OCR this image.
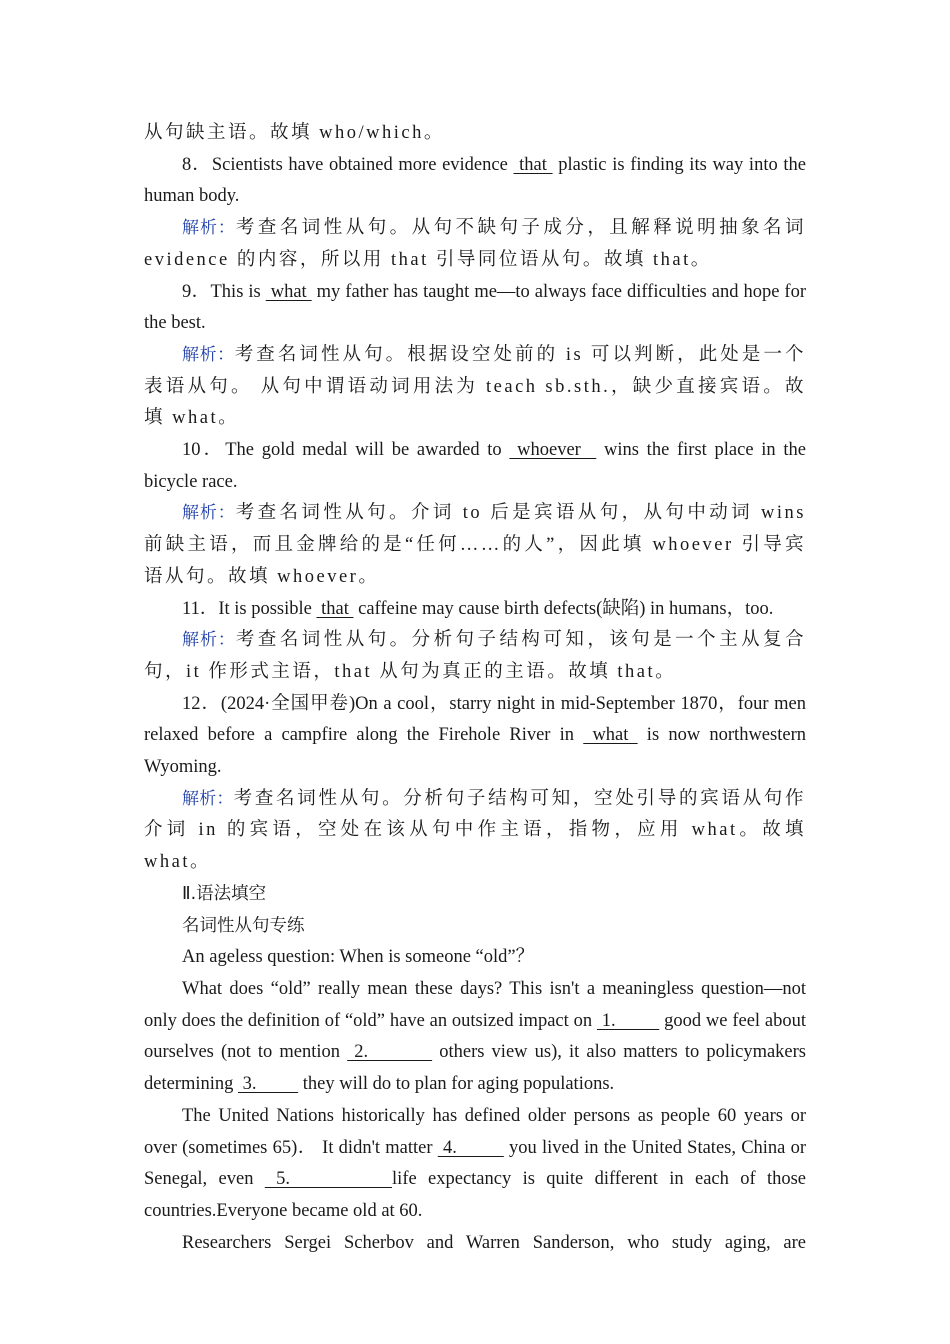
从句缺主语。故填 who/which。

8．Scientists have obtained more evidence  that  plastic is finding its way into the human body.

解析：考查名词性从句。从句不缺句子成分，且解释说明抽象名词 evidence 的内容，所以用 that 引导同位语从句。故填 that。

9．This is  what  my father has taught me—to always face difficulties and hope for the best.

解析：考查名词性从句。根据设空处前的 is 可以判断，此处是一个表语从句。 从句中谓语动词用法为 teach sb.sth.，缺少直接宾语。故填 what。

10．The gold medal will be awarded to  whoever   wins the first place in the bicycle race.

解析：考查名词性从句。介词 to 后是宾语从句，从句中动词 wins 前缺主语，而且金牌给的是“任何……的人”，因此填 whoever 引导宾语从句。故填 whoever。

11．It is possible  that  caffeine may cause birth defects(缺陷) in humans，too.

解析：考查名词性从句。分析句子结构可知，该句是一个主从复合句，it 作形式主语，that 从句为真正的主语。故填 that。

12．(2024·全国甲卷)On a cool，starry night in mid-September 1870，four men relaxed before a campfire along the Firehole River in  what  is now northwestern Wyoming.

解析：考查名词性从句。分析句子结构可知，空处引导的宾语从句作介词 in 的宾语，空处在该从句中作主语，指物，应用 what。故填 what。

Ⅱ.语法填空

名词性从句专练

An ageless question: When is someone “old”？

What does “old” really mean these days? This isn't a meaningless question—not only does the definition of “old” have an outsized impact on  1.          good we feel about ourselves (not to mention  2.          others view us), it also matters to policymakers determining  3.          they will do to plan for aging populations.

The United Nations historically has defined older persons as people 60 years or over (sometimes 65)． It didn't matter  4.          you lived in the United States, China or Senegal, even  5.         life expectancy is quite different in each of those countries.Everyone became old at 60.

Researchers Sergei Scherbov and Warren Sanderson, who study aging, are
